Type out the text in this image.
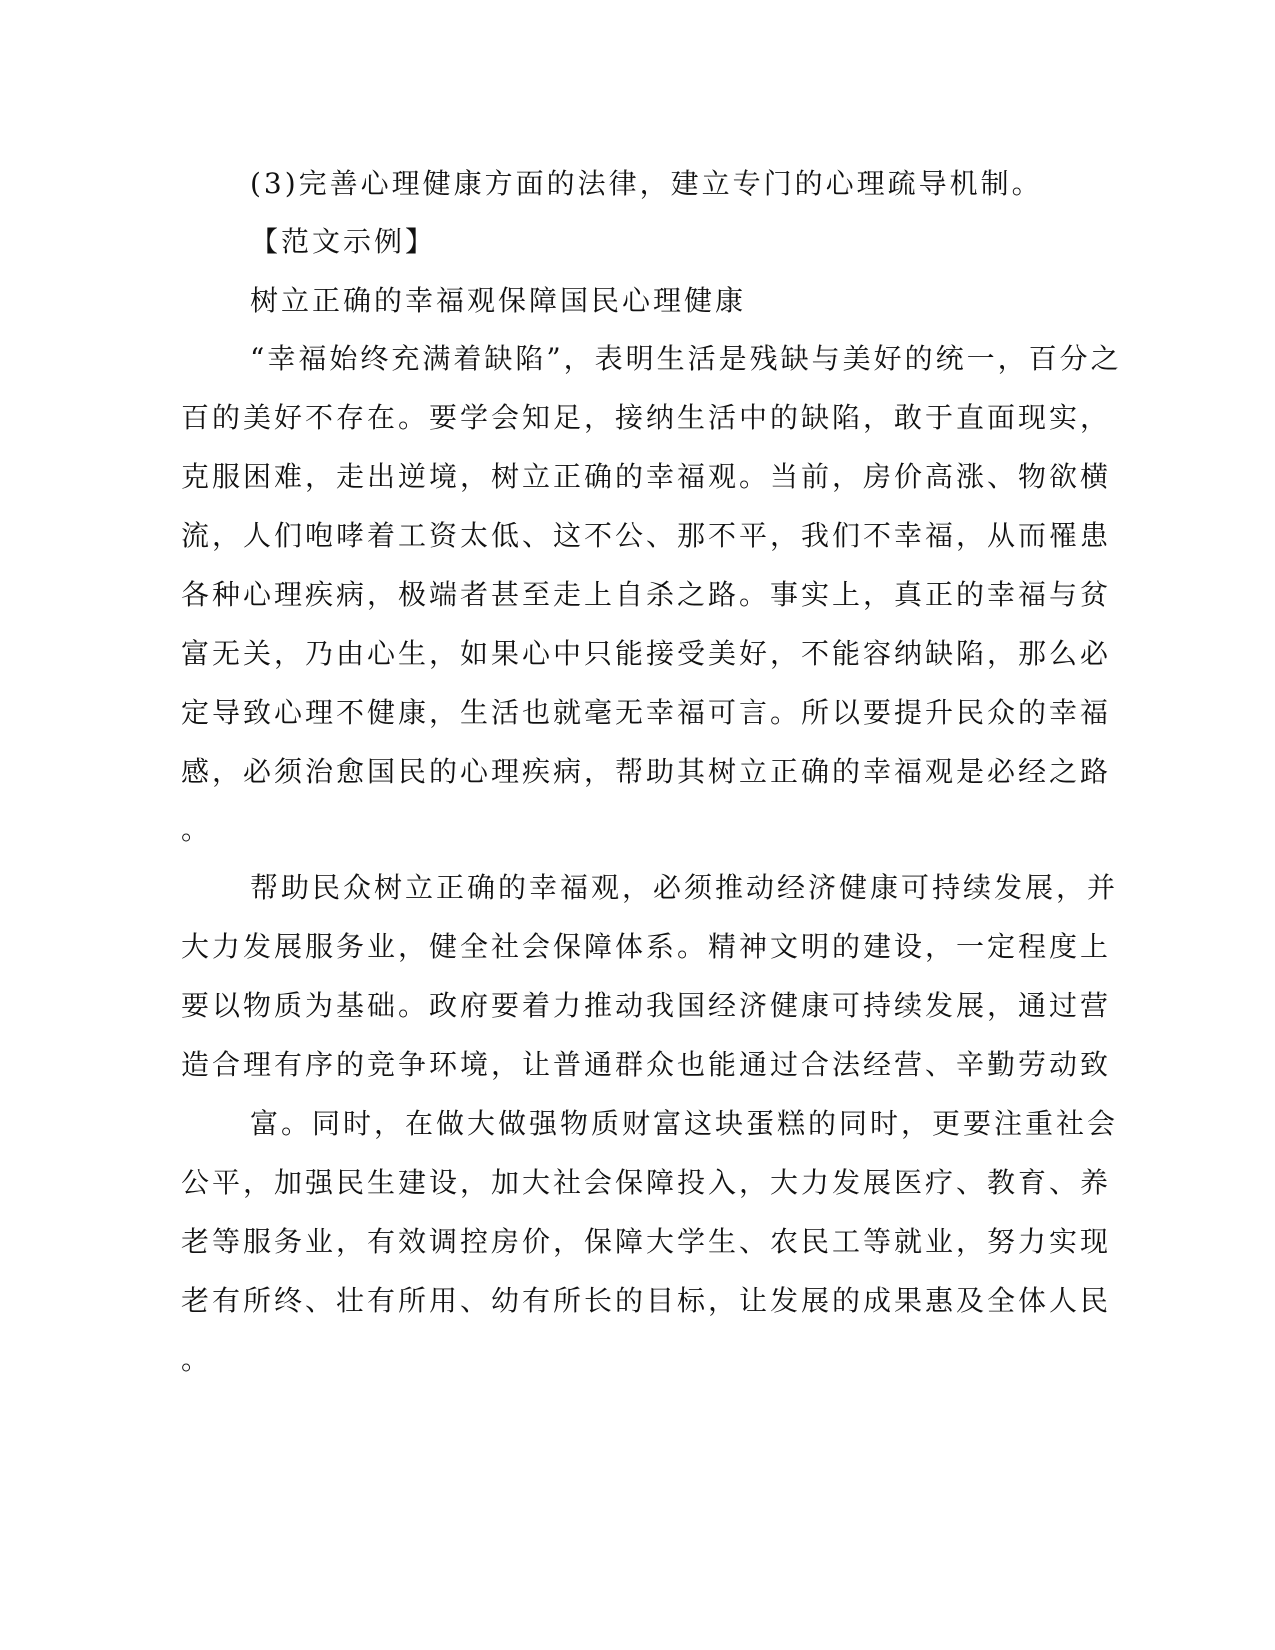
(3)完善心理健康方面的法律，建立专门的心理疏导机制。
【范文示例】
树立正确的幸福观保障国民心理健康
“幸福始终充满着缺陷”，表明生活是残缺与美好的统一，百分之
百的美好不存在。要学会知足，接纳生活中的缺陷，敢于直面现实，
克服困难，走出逆境，树立正确的幸福观。当前，房价高涨、物欲横
流，人们咆哮着工资太低、这不公、那不平，我们不幸福，从而罹患
各种心理疾病，极端者甚至走上自杀之路。事实上，真正的幸福与贫
富无关，乃由心生，如果心中只能接受美好，不能容纳缺陷，那么必
定导致心理不健康，生活也就毫无幸福可言。所以要提升民众的幸福
感，必须治愈国民的心理疾病，帮助其树立正确的幸福观是必经之路
。
帮助民众树立正确的幸福观，必须推动经济健康可持续发展，并
大力发展服务业，健全社会保障体系。精神文明的建设，一定程度上
要以物质为基础。政府要着力推动我国经济健康可持续发展，通过营
造合理有序的竞争环境，让普通群众也能通过合法经营、辛勤劳动致
富。同时，在做大做强物质财富这块蛋糕的同时，更要注重社会
公平，加强民生建设，加大社会保障投入，大力发展医疗、教育、养
老等服务业，有效调控房价，保障大学生、农民工等就业，努力实现
老有所终、壮有所用、幼有所长的目标，让发展的成果惠及全体人民
。
